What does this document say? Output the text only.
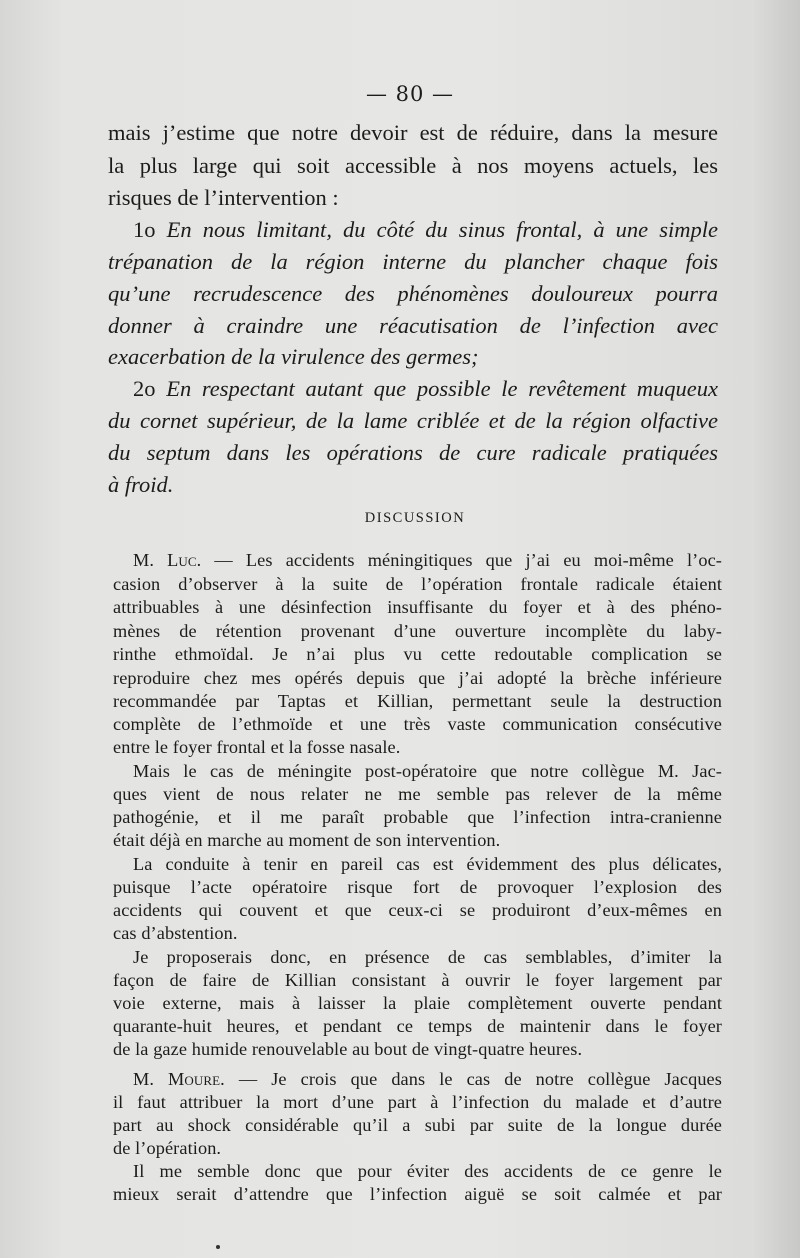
— 80 —
mais j’estime que notre devoir est de réduire, dans la mesure
la plus large qui soit accessible à nos moyens actuels, les
risques de l’intervention :
1o En nous limitant, du côté du sinus frontal, à une simple
trépanation de la région interne du plancher chaque fois
qu’une recrudescence des phénomènes douloureux pourra
donner à craindre une réacutisation de l’infection avec
exacerbation de la virulence des germes;
2o En respectant autant que possible le revêtement muqueux
du cornet supérieur, de la lame criblée et de la région olfactive
du septum dans les opérations de cure radicale pratiquées
à froid.
DISCUSSION
M. Luc. — Les accidents méningitiques que j’ai eu moi-même l’oc-
casion d’observer à la suite de l’opération frontale radicale étaient
attribuables à une désinfection insuffisante du foyer et à des phéno-
mènes de rétention provenant d’une ouverture incomplète du laby-
rinthe ethmoïdal. Je n’ai plus vu cette redoutable complication se
reproduire chez mes opérés depuis que j’ai adopté la brèche inférieure
recommandée par Taptas et Killian, permettant seule la destruction
complète de l’ethmoïde et une très vaste communication consécutive
entre le foyer frontal et la fosse nasale.
Mais le cas de méningite post-opératoire que notre collègue M. Jac-
ques vient de nous relater ne me semble pas relever de la même
pathogénie, et il me paraît probable que l’infection intra-cranienne
était déjà en marche au moment de son intervention.
La conduite à tenir en pareil cas est évidemment des plus délicates,
puisque l’acte opératoire risque fort de provoquer l’explosion des
accidents qui couvent et que ceux-ci se produiront d’eux-mêmes en
cas d’abstention.
Je proposerais donc, en présence de cas semblables, d’imiter la
façon de faire de Killian consistant à ouvrir le foyer largement par
voie externe, mais à laisser la plaie complètement ouverte pendant
quarante-huit heures, et pendant ce temps de maintenir dans le foyer
de la gaze humide renouvelable au bout de vingt-quatre heures.
M. Moure. — Je crois que dans le cas de notre collègue Jacques
il faut attribuer la mort d’une part à l’infection du malade et d’autre
part au shock considérable qu’il a subi par suite de la longue durée
de l’opération.
Il me semble donc que pour éviter des accidents de ce genre le
mieux serait d’attendre que l’infection aiguë se soit calmée et par
